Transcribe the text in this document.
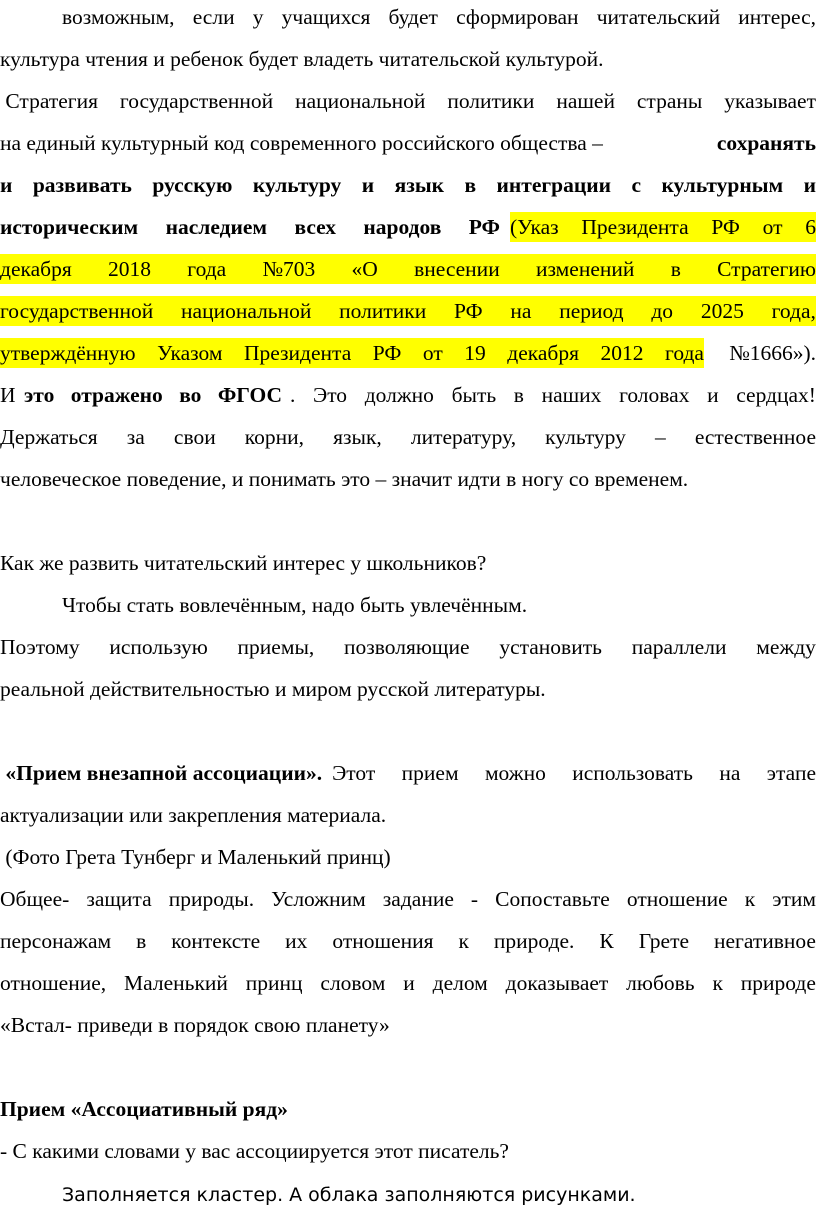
возможным, если у учащихся будет сформирован читательский интерес,
культура чтения и ребенок будет владеть читательской культурой.
Стратегия государственной национальной политики нашей страны указывает
на единый культурный код современного российского общества –	сохранять
и развивать русскую культуру и язык в интеграции с культурным и
историческим наследием всех народов РФ (Указ Президента РФ от 6
декабря 2018 года №703 «О внесении изменений в Стратегию
государственной национальной политики РФ на период до 2025 года,
утверждённую Указом Президента РФ от 19 декабря 2012 года	№1666»).
И это отражено во ФГОС . Это должно быть в наших головах и сердцах!
Держаться за свои корни, язык, литературу, культуру – естественное
человеческое поведение, и понимать это – значит идти в ногу со временем.
Как же развить читательский интерес у школьников?
Чтобы стать вовлечённым, надо быть увлечённым.
Поэтому использую приемы, позволяющие установить параллели между
реальной действительностью и миром русской литературы.
«Прием внезапной ассоциации». Этот прием можно использовать на этапе
актуализации или закрепления материала.
(Фото Грета Тунберг и Маленький принц)
Общее- защита природы. Усложним задание - Сопоставьте отношение к этим
персонажам в контексте их отношения к природе. К Грете негативное
отношение, Маленький принц словом и делом доказывает любовь к природе
«Встал- приведи в порядок свою планету»
Прием «Ассоциативный ряд»
- С какими словами у вас ассоциируется этот писатель?
Заполняется кластер. А облака заполняются рисунками.
